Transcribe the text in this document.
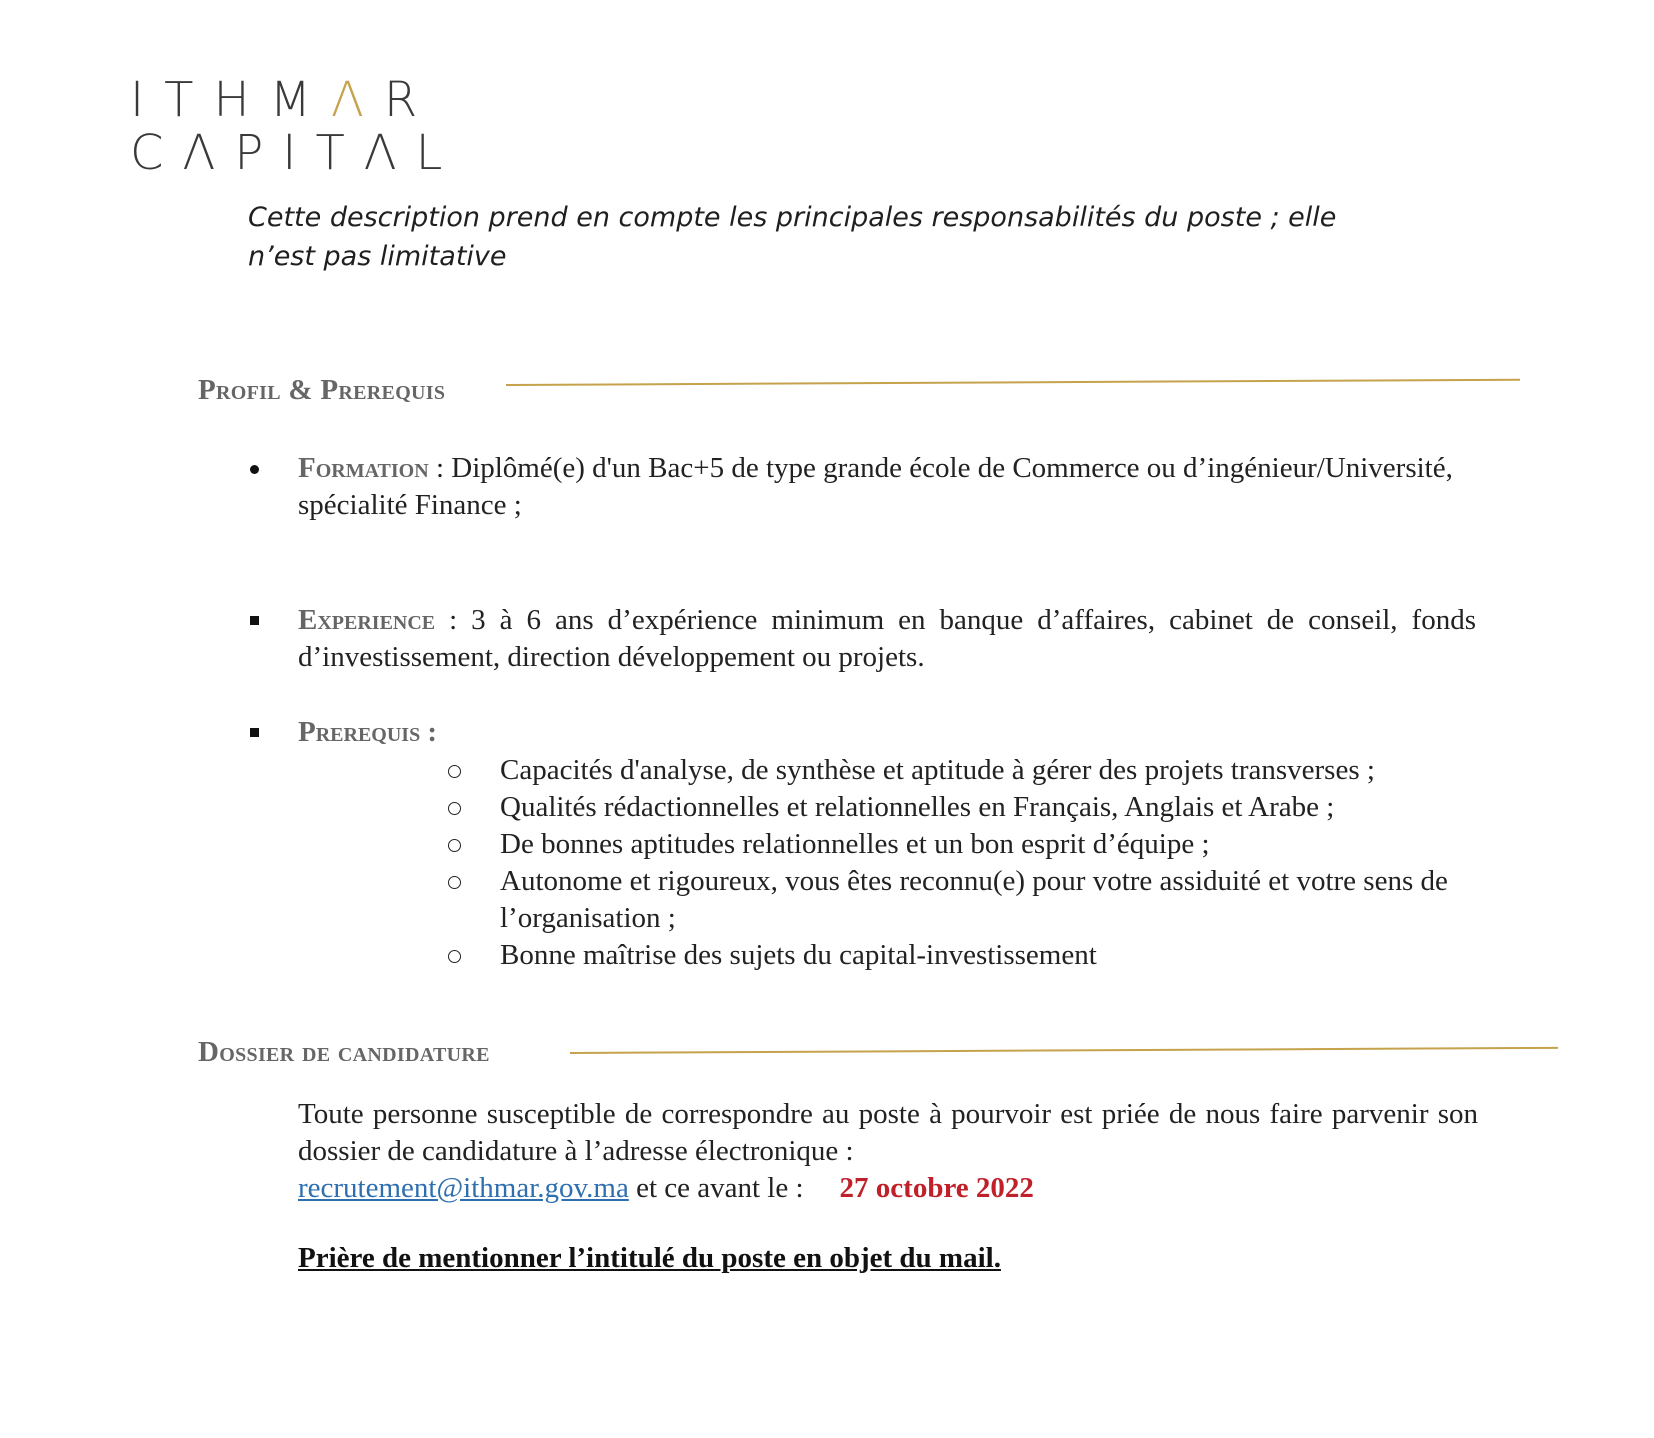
ITHMΛR
CΛPITΛL
Cette description prend en compte les principales responsabilités du poste ; elle n’est pas limitative
Profil & Prerequis
Formation : Diplômé(e) d'un Bac+5 de type grande école de Commerce ou d’ingénieur/Université, spécialité Finance ;
Experience : 3 à 6 ans d’expérience minimum en banque d’affaires, cabinet de conseil, fonds d’investissement, direction développement ou projets.
Prerequis :
Capacités d'analyse, de synthèse et aptitude à gérer des projets transverses ;
Qualités rédactionnelles et relationnelles en Français, Anglais et Arabe ;
De bonnes aptitudes relationnelles et un bon esprit d’équipe ;
Autonome et rigoureux, vous êtes reconnu(e) pour votre assiduité et votre sens de l’organisation ;
Bonne maîtrise des sujets du capital-investissement
Dossier de candidature
Toute personne susceptible de correspondre au poste à pourvoir est priée de nous faire parvenir son dossier de candidature à l’adresse électronique :
recrutement@ithmar.gov.ma et ce avant le : 27 octobre 2022
Prière de mentionner l’intitulé du poste en objet du mail.
